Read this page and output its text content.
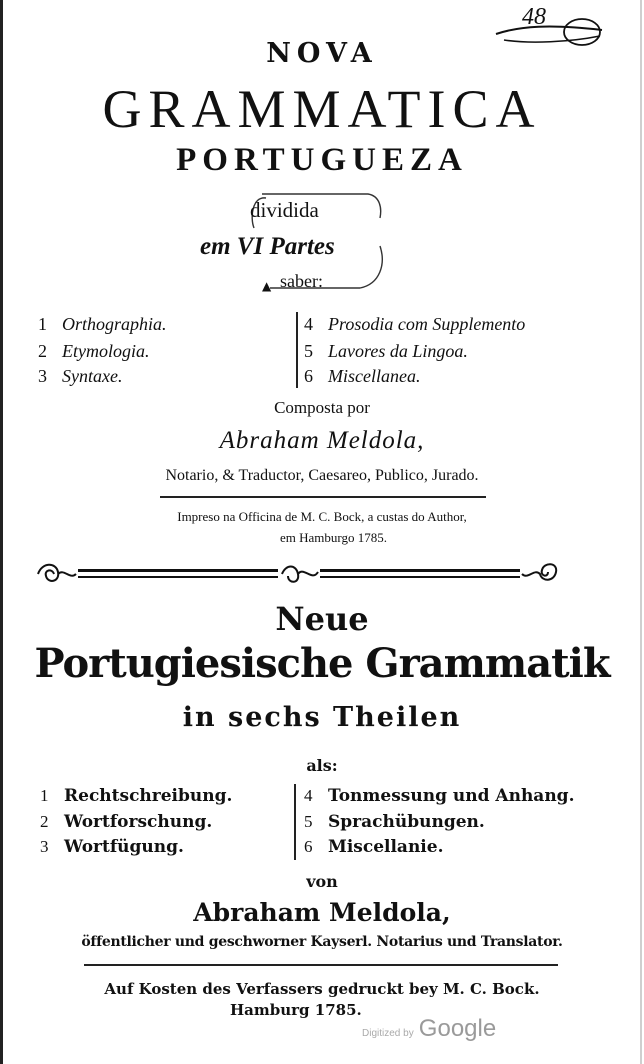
48
NOVA
GRAMMATICA
PORTUGUEZA
dividida
em VI Partes
▲ saber:
1 Orthographia.
2 Etymologia.
3 Syntaxe.
4 Prosodia com Supplemento
5 Lavores da Lingoa.
6 Miscellanea.
Composta por
Abraham Meldola,
Notario, & Traductor, Caesareo, Publico, Jurado.
Impreso na Officina de M. C. Bock, a custas do Author,
em Hamburgo 1785.
Neue
Portugiesische Grammatik
in sechs Theilen
als:
1 Rechtschreibung.
2 Wortforschung.
3 Wortfügung.
4 Tonmessung und Anhang.
5 Sprachübungen.
6 Miscellanie.
von
Abraham Meldola,
öffentlicher und geschworner Kayserl. Notarius und Translator.
Auf Kosten des Verfassers gedruckt bey M. C. Bock.
Hamburg 1785.
Digitized by Google
